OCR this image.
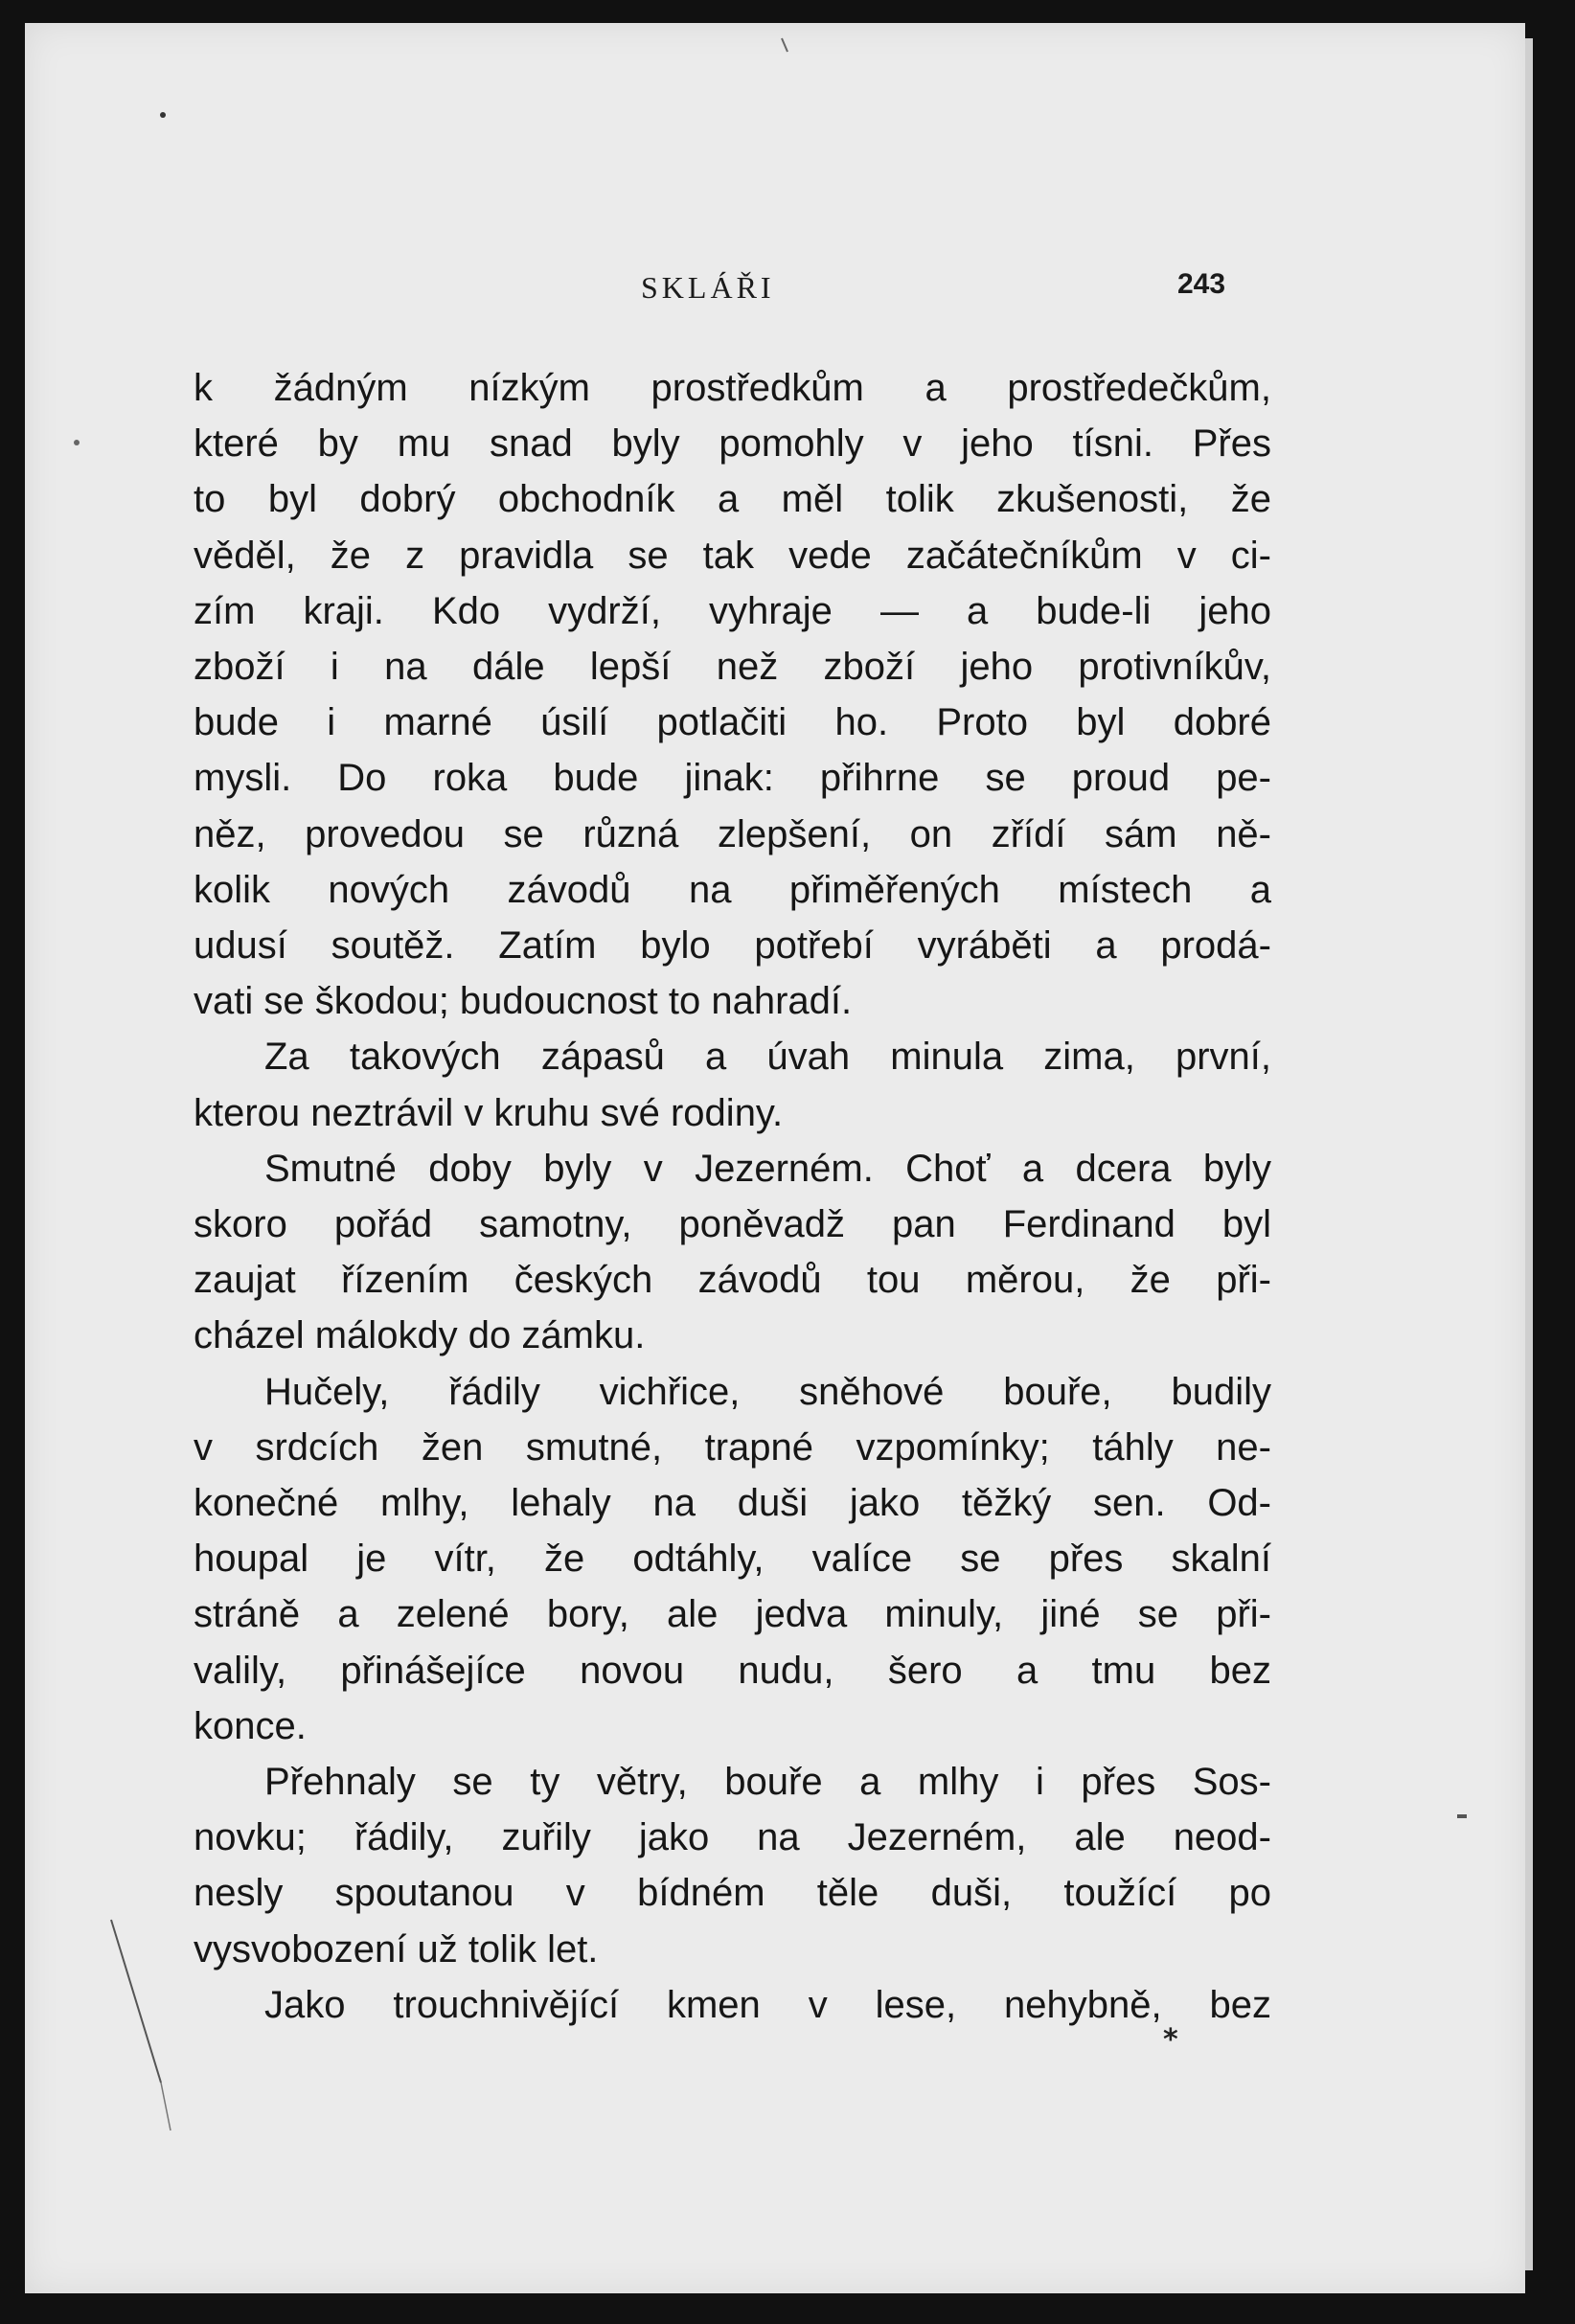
SKLÁŘI	243
k žádným nízkým prostředkům a prostředečkům,
které by mu snad byly pomohly v jeho tísni. Přes
to byl dobrý obchodník a měl tolik zkušenosti, že
věděl, že z pravidla se tak vede začátečníkům v ci-
zím kraji. Kdo vydrží, vyhraje — a bude-li jeho
zboží i na dále lepší než zboží jeho protivníkův,
bude i marné úsilí potlačiti ho. Proto byl dobré
mysli. Do roka bude jinak: přihrne se proud pe-
něz, provedou se různá zlepšení, on zřídí sám ně-
kolik nových závodů na přiměřených místech a
udusí soutěž. Zatím bylo potřebí vyráběti a prodá-
vati se škodou; budoucnost to nahradí.
Za takových zápasů a úvah minula zima, první,
kterou neztrávil v kruhu své rodiny.
Smutné doby byly v Jezerném. Choť a dcera byly
skoro pořád samotny, poněvadž pan Ferdinand byl
zaujat řízením českých závodů tou měrou, že při-
cházel málokdy do zámku.
Hučely, řádily vichřice, sněhové bouře, budily
v srdcích žen smutné, trapné vzpomínky; táhly ne-
konečné mlhy, lehaly na duši jako těžký sen. Od-
houpal je vítr, že odtáhly, valíce se přes skalní
stráně a zelené bory, ale jedva minuly, jiné se při-
valily, přinášejíce novou nudu, šero a tmu bez
konce.
Přehnaly se ty větry, bouře a mlhy i přes Sos-
novku; řádily, zuřily jako na Jezerném, ale neod-
nesly spoutanou v bídném těle duši, toužící po
vysvobození už tolik let.
Jako trouchnivějící kmen v lese, nehybně, bez
*
